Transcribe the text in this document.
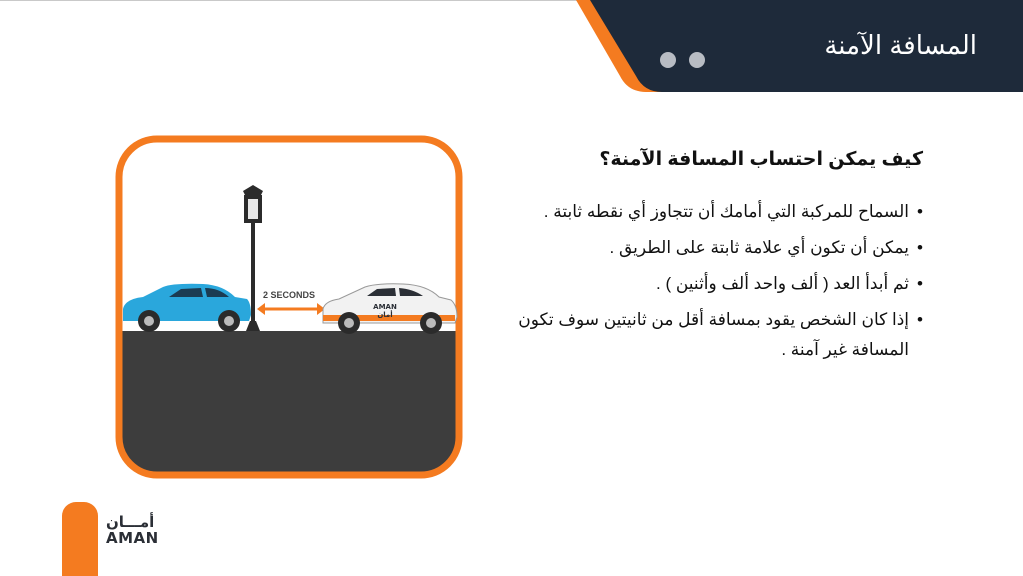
المسافة الآمنة
2 SECONDS
AMAN
أمان
كيف يمكن احتساب المسافة الآمنة؟
•
السماح للمركبة التي أمامك أن تتجاوز أي نقطه ثابتة .
•
يمكن أن تكون أي علامة ثابتة على الطريق .
•
ثم أبدأ العد ( ألف واحد ألف وأثنين ) .
•
إذا كان الشخص يقود بمسافة أقل من ثانيتين سوف تكون المسافة غير آمنة .
أمـــان
AMAN
